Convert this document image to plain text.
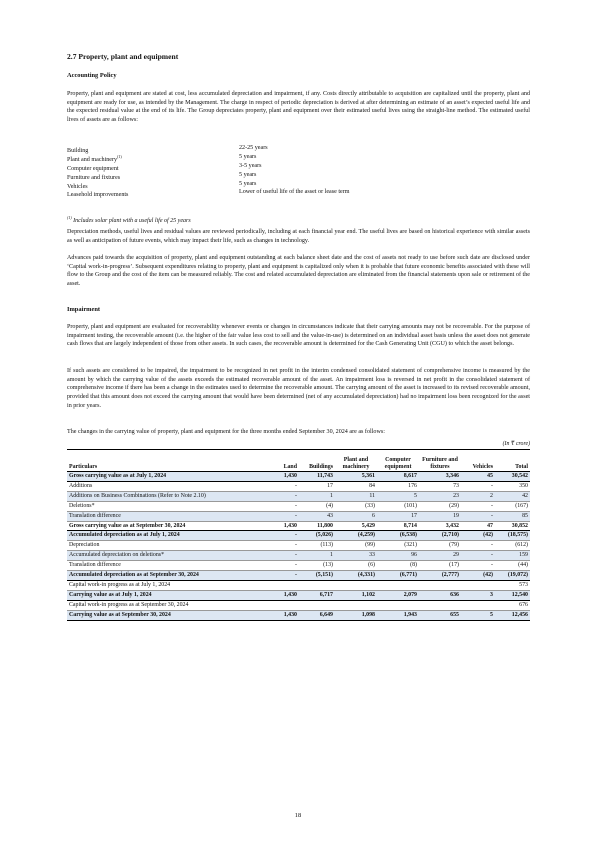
2.7 Property, plant and equipment
Accounting Policy
Property, plant and equipment are stated at cost, less accumulated depreciation and impairment, if any. Costs directly attributable to acquisition are capitalized until the property, plant and equipment are ready for use, as intended by the Management. The charge in respect of periodic depreciation is derived at after determining an estimate of an asset’s expected useful life and the expected residual value at the end of its life. The Group depreciates property, plant and equipment over their estimated useful lives using the straight-line method. The estimated useful lives of assets are as follows:
Building	22-25 years
Plant and machinery$^{(1)}$	5 years
Computer equipment	3-5 years
Furniture and fixtures	5 years
Vehicles	5 years
Leasehold improvements	Lower of useful life of the asset or lease term
$^{(1)}$ Includes solar plant with a useful life of 25 years
Depreciation methods, useful lives and residual values are reviewed periodically, including at each financial year end. The useful lives are based on historical experience with similar assets as well as anticipation of future events, which may impact their life, such as changes in technology.
Advances paid towards the acquisition of property, plant and equipment outstanding at each balance sheet date and the cost of assets not ready to use before such date are disclosed under ‘Capital work-in-progress’. Subsequent expenditures relating to property, plant and equipment is capitalized only when it is probable that future economic benefits associated with these will flow to the Group and the cost of the item can be measured reliably. The cost and related accumulated depreciation are eliminated from the financial statements upon sale or retirement of the asset.
Impairment
Property, plant and equipment are evaluated for recoverability whenever events or changes in circumstances indicate that their carrying amounts may not be recoverable. For the purpose of impairment testing, the recoverable amount (i.e. the higher of the fair value less cost to sell and the value-in-use) is determined on an individual asset basis unless the asset does not generate cash flows that are largely independent of those from other assets. In such cases, the recoverable amount is determined for the Cash Generating Unit (CGU) to which the asset belongs.
If such assets are considered to be impaired, the impairment to be recognized in net profit in the interim condensed consolidated statement of comprehensive income is measured by the amount by which the carrying value of the assets exceeds the estimated recoverable amount of the asset. An impairment loss is reversed in net profit in the consolidated statement of comprehensive income if there has been a change in the estimates used to determine the recoverable amount. The carrying amount of the asset is increased to its revised recoverable amount, provided that this amount does not exceed the carrying amount that would have been determined (net of any accumulated depreciation) had no impairment loss been recognized for the asset in prior years.
The changes in the carrying value of property, plant and equipment for the three months ended September 30, 2024 are as follows:
(In ₹ crore)
Particulars	Land	Buildings	Plant and machinery	Computer equipment	Furniture and fixtures	Vehicles	Total
Gross carrying value as at July 1, 2024	1,430	11,743	5,361	8,617	3,346	45	30,542
Additions	-	17	84	176	73	-	350
Additions on Business Combinations (Refer to Note 2.10)	-	1	11	5	23	2	42
Deletions*	-	(4)	(33)	(101)	(29)	-	(167)
Translation difference	-	43	6	17	19	-	85
Gross carrying value as at September 30, 2024	1,430	11,800	5,429	8,714	3,432	47	30,852
Accumulated depreciation as at July 1, 2024	-	(5,026)	(4,259)	(6,538)	(2,710)	(42)	(18,575)
Depreciation	-	(113)	(99)	(321)	(79)	-	(612)
Accumulated depreciation on deletions*	-	1	33	96	29	-	159
Translation difference	-	(13)	(6)	(8)	(17)	-	(44)
Accumulated depreciation as at September 30, 2024	-	(5,151)	(4,331)	(6,771)	(2,777)	(42)	(19,072)
Capital work-in progress as at July 1, 2024							573
Carrying value as at July 1, 2024	1,430	6,717	1,102	2,079	636	3	12,540
Capital work-in progress as at September 30, 2024							676
Carrying value as at September 30, 2024	1,430	6,649	1,098	1,943	655	5	12,456
18
